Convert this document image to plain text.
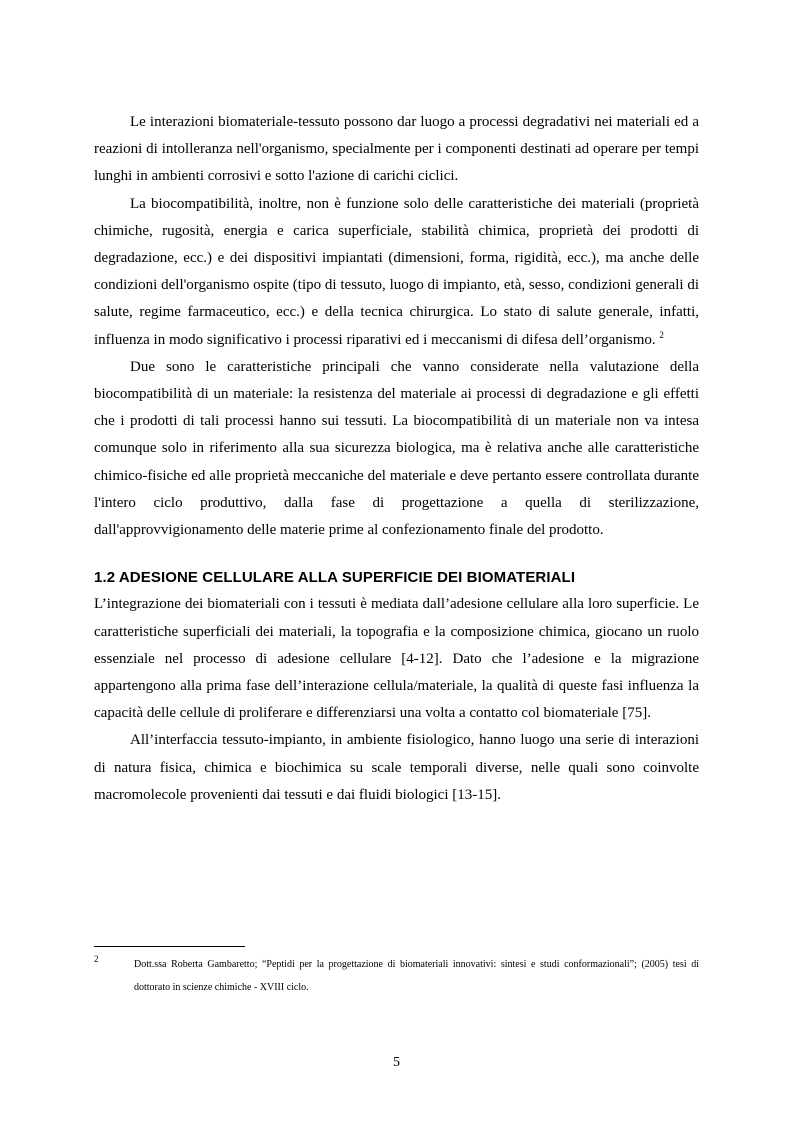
Le interazioni biomateriale-tessuto possono dar luogo a processi degradativi nei materiali ed a reazioni di intolleranza nell'organismo, specialmente per i componenti destinati ad operare per tempi lunghi in ambienti corrosivi e sotto l'azione di carichi ciclici.

La biocompatibilità, inoltre, non è funzione solo delle caratteristiche dei materiali (proprietà chimiche, rugosità, energia e carica superficiale, stabilità chimica, proprietà dei prodotti di degradazione, ecc.) e dei dispositivi impiantati (dimensioni, forma, rigidità, ecc.), ma anche delle condizioni dell'organismo ospite (tipo di tessuto, luogo di impianto, età, sesso, condizioni generali di salute, regime farmaceutico, ecc.) e della tecnica chirurgica. Lo stato di salute generale, infatti, influenza in modo significativo i processi riparativi ed i meccanismi di difesa dell’organismo. $^2$

Due sono le caratteristiche principali che vanno considerate nella valutazione della biocompatibilità di un materiale: la resistenza del materiale ai processi di degradazione e gli effetti che i prodotti di tali processi hanno sui tessuti. La biocompatibilità di un materiale non va intesa comunque solo in riferimento alla sua sicurezza biologica, ma è relativa anche alle caratteristiche chimico-fisiche ed alle proprietà meccaniche del materiale e deve pertanto essere controllata durante l'intero ciclo produttivo, dalla fase di progettazione a quella di sterilizzazione, dall'approvvigionamento delle materie prime al confezionamento finale del prodotto.

1.2 ADESIONE CELLULARE ALLA SUPERFICIE DEI BIOMATERIALI

L’integrazione dei biomateriali con i tessuti è mediata dall’adesione cellulare alla loro superficie. Le caratteristiche superficiali dei materiali, la topografia e la composizione chimica, giocano un ruolo essenziale nel processo di adesione cellulare [4-12]. Dato che l’adesione e la migrazione appartengono alla prima fase dell’interazione cellula/materiale, la qualità di queste fasi influenza la capacità delle cellule di proliferare e differenziarsi una volta a contatto col biomateriale [75].

All’interfaccia tessuto-impianto, in ambiente fisiologico, hanno luogo una serie di interazioni di natura fisica, chimica e biochimica su scale temporali diverse, nelle quali sono coinvolte macromolecole provenienti dai tessuti e dai fluidi biologici [13-15].

2	Dott.ssa Roberta Gambaretto; “Peptidi per la progettazione di biomateriali innovativi: sintesi e studi conformazionali”; (2005) tesi di dottorato in scienze chimiche - XVIII ciclo.
5
